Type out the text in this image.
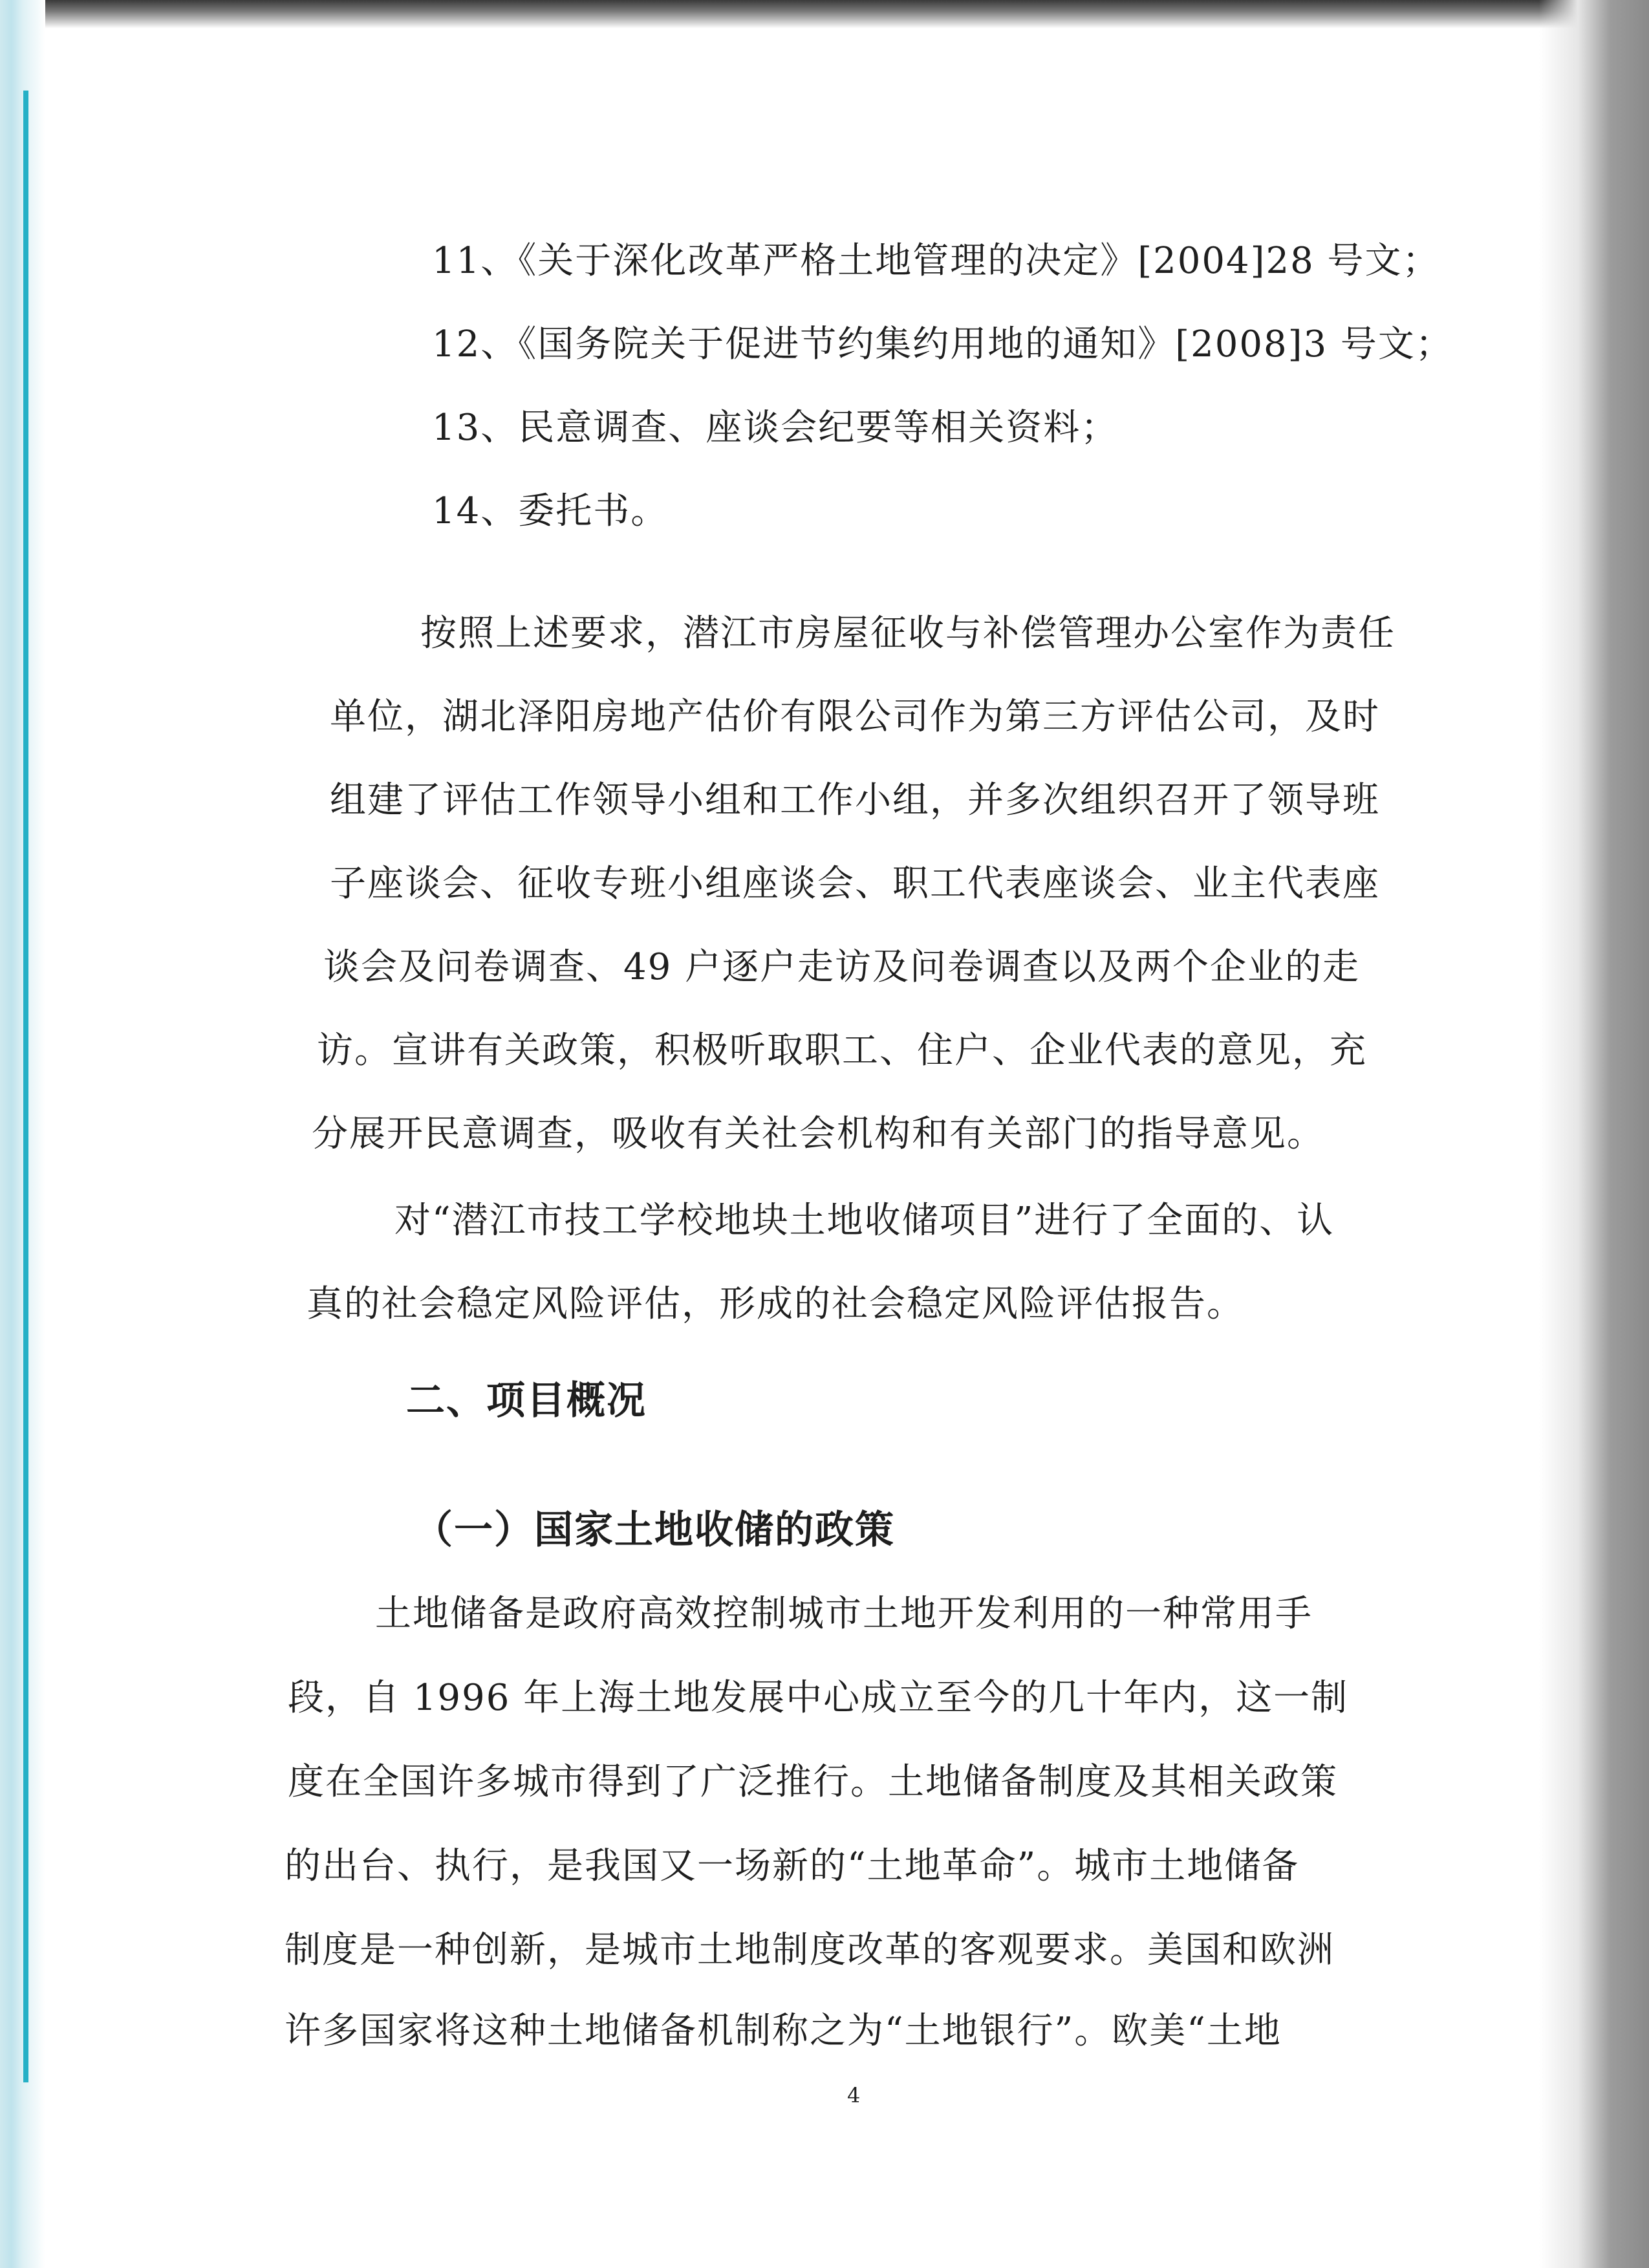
11、《关于深化改革严格土地管理的决定》[2004]28 号文；
12、《国务院关于促进节约集约用地的通知》[2008]3 号文；
13、民意调查、座谈会纪要等相关资料；
14、委托书。
按照上述要求，潜江市房屋征收与补偿管理办公室作为责任
单位，湖北泽阳房地产估价有限公司作为第三方评估公司，及时
组建了评估工作领导小组和工作小组，并多次组织召开了领导班
子座谈会、征收专班小组座谈会、职工代表座谈会、业主代表座
谈会及问卷调查、49 户逐户走访及问卷调查以及两个企业的走
访。宣讲有关政策，积极听取职工、住户、企业代表的意见，充
分展开民意调查，吸收有关社会机构和有关部门的指导意见。
对“潜江市技工学校地块土地收储项目”进行了全面的、认
真的社会稳定风险评估，形成的社会稳定风险评估报告。
二、项目概况
（一）国家土地收储的政策
土地储备是政府高效控制城市土地开发利用的一种常用手
段，自 1996 年上海土地发展中心成立至今的几十年内，这一制
度在全国许多城市得到了广泛推行。土地储备制度及其相关政策
的出台、执行，是我国又一场新的“土地革命”。城市土地储备
制度是一种创新，是城市土地制度改革的客观要求。美国和欧洲
许多国家将这种土地储备机制称之为“土地银行”。欧美“土地
4
